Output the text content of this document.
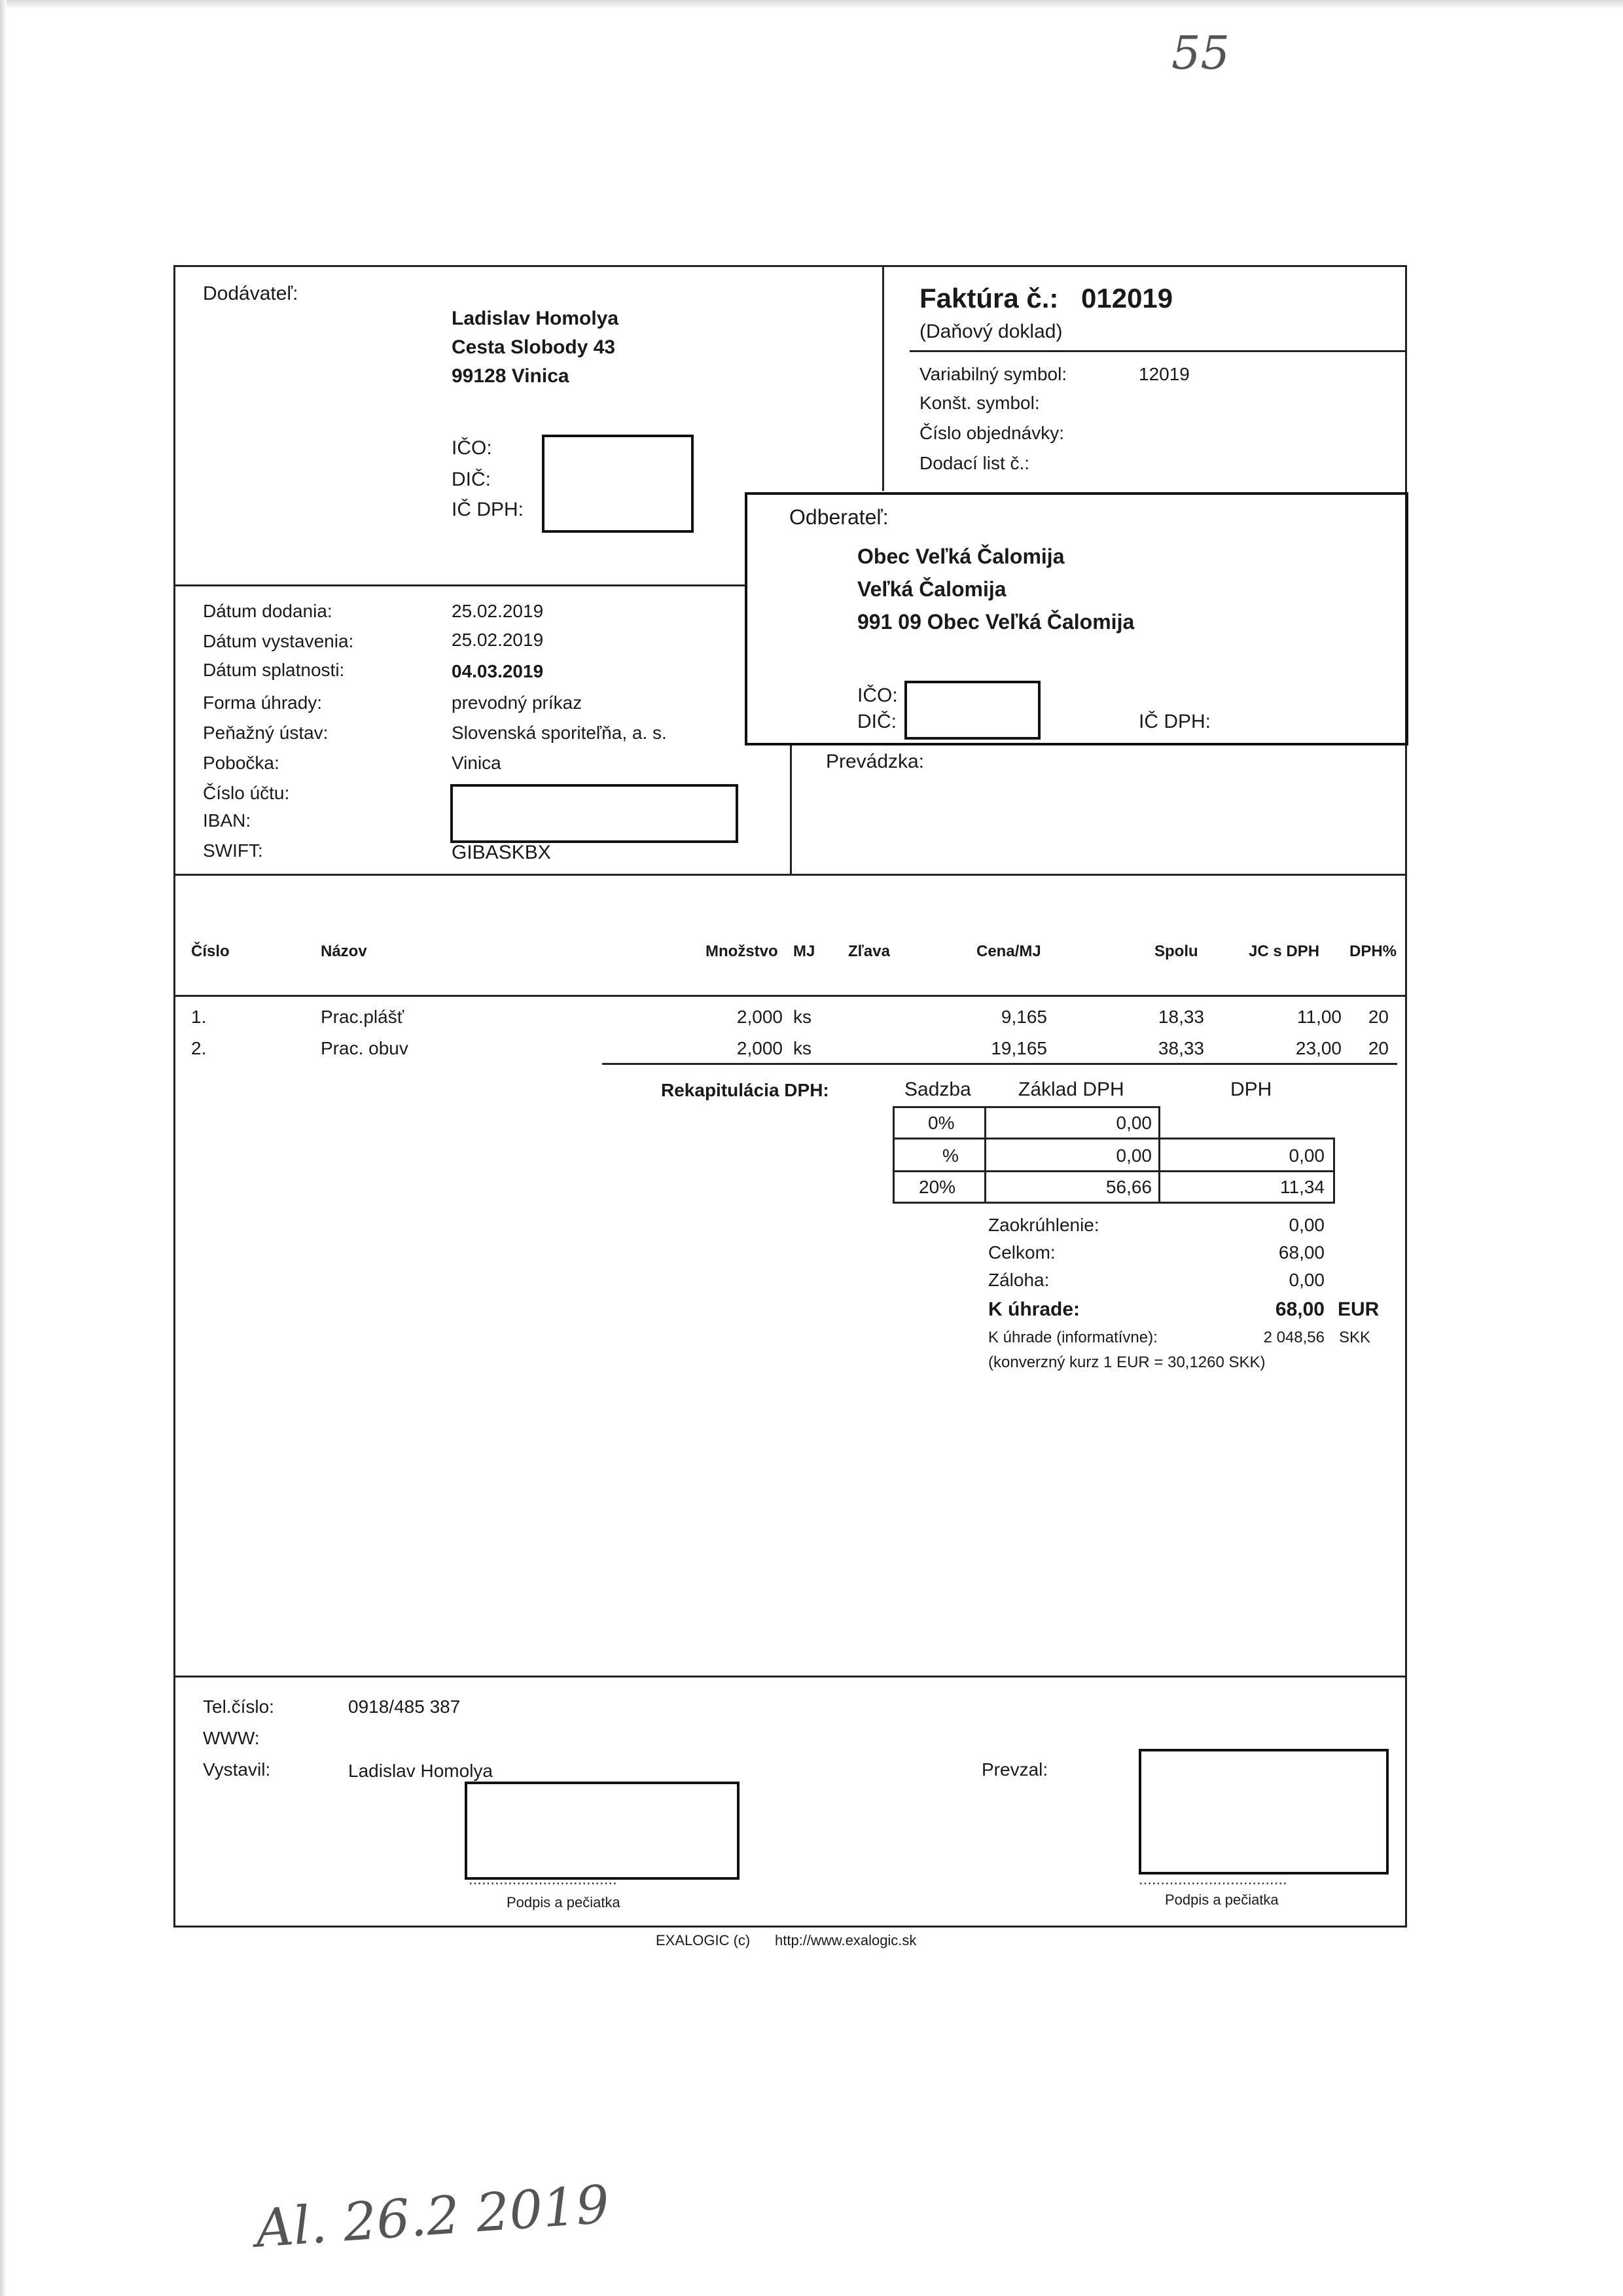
55
Al. 26.2 2019
Dodávateľ:
Ladislav Homolya
Cesta Slobody 43
99128 Vinica
IČO:
DIČ:
IČ DPH:
Faktúra č.: 012019
(Daňový doklad)
Variabilný symbol:	12019
Konšt. symbol:
Číslo objednávky:
Dodací list č.:
Odberateľ:
Obec Veľká Čalomija
Veľká Čalomija
991 09 Obec Veľká Čalomija
IČO:
DIČ:	IČ DPH:
Prevádzka:
Dátum dodania:	25.02.2019
Dátum vystavenia:	25.02.2019
Dátum splatnosti:	04.03.2019
Forma úhrady:	prevodný príkaz
Peňažný ústav:	Slovenská sporiteľňa, a. s.
Pobočka:	Vinica
Číslo účtu:
IBAN:
SWIFT:	GIBASKBX
Číslo	Názov	Množstvo MJ Zľava	Cena/MJ	Spolu	JC s DPH DPH%
1.	Prac.plášť	2,000 ks	9,165	18,33	11,00	20
2.	Prac. obuv	2,000 ks	19,165	38,33	23,00	20
Rekapitulácia DPH:	Sadzba Základ DPH	DPH
0%	0,00
%	0,00	0,00
20%	56,66	11,34
Zaokrúhlenie:	0,00
Celkom:	68,00
Záloha:	0,00
K úhrade:	68,00 EUR
K úhrade (informatívne):	2 048,56 SKK
(konverzný kurz 1 EUR = 30,1260 SKK)
Tel.číslo:	0918/485 387
WWW:
Vystavil:	Ladislav Homolya	Prevzal:
..................................	..................................
Podpis a pečiatka	Podpis a pečiatka
EXALOGIC (c) http://www.exalogic.sk
